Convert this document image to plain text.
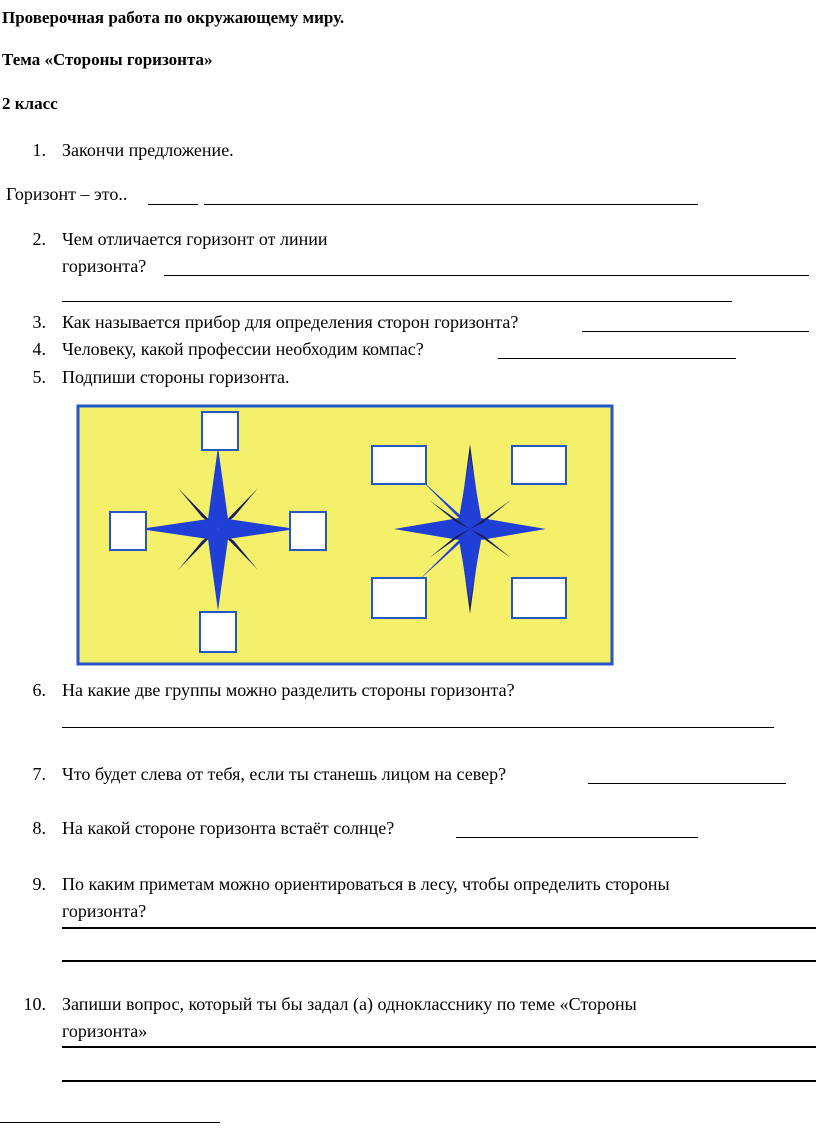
Проверочная работа по окружающему миру.
Тема «Стороны горизонта»
2 класс
1. Закончи предложение.
Горизонт – это..
2. Чем отличается горизонт от линии
горизонта?
3. Как называется прибор для определения сторон горизонта?
4. Человеку, какой профессии необходим компас?
5. Подпиши стороны горизонта.
6. На какие две группы можно разделить стороны горизонта?
7. Что будет слева от тебя, если ты станешь лицом на север?
8. На какой стороне горизонта встаёт солнце?
9. По каким приметам можно ориентироваться в лесу, чтобы определить стороны
горизонта?
10. Запиши вопрос, который ты бы задал (а) однокласснику по теме «Стороны
горизонта»
